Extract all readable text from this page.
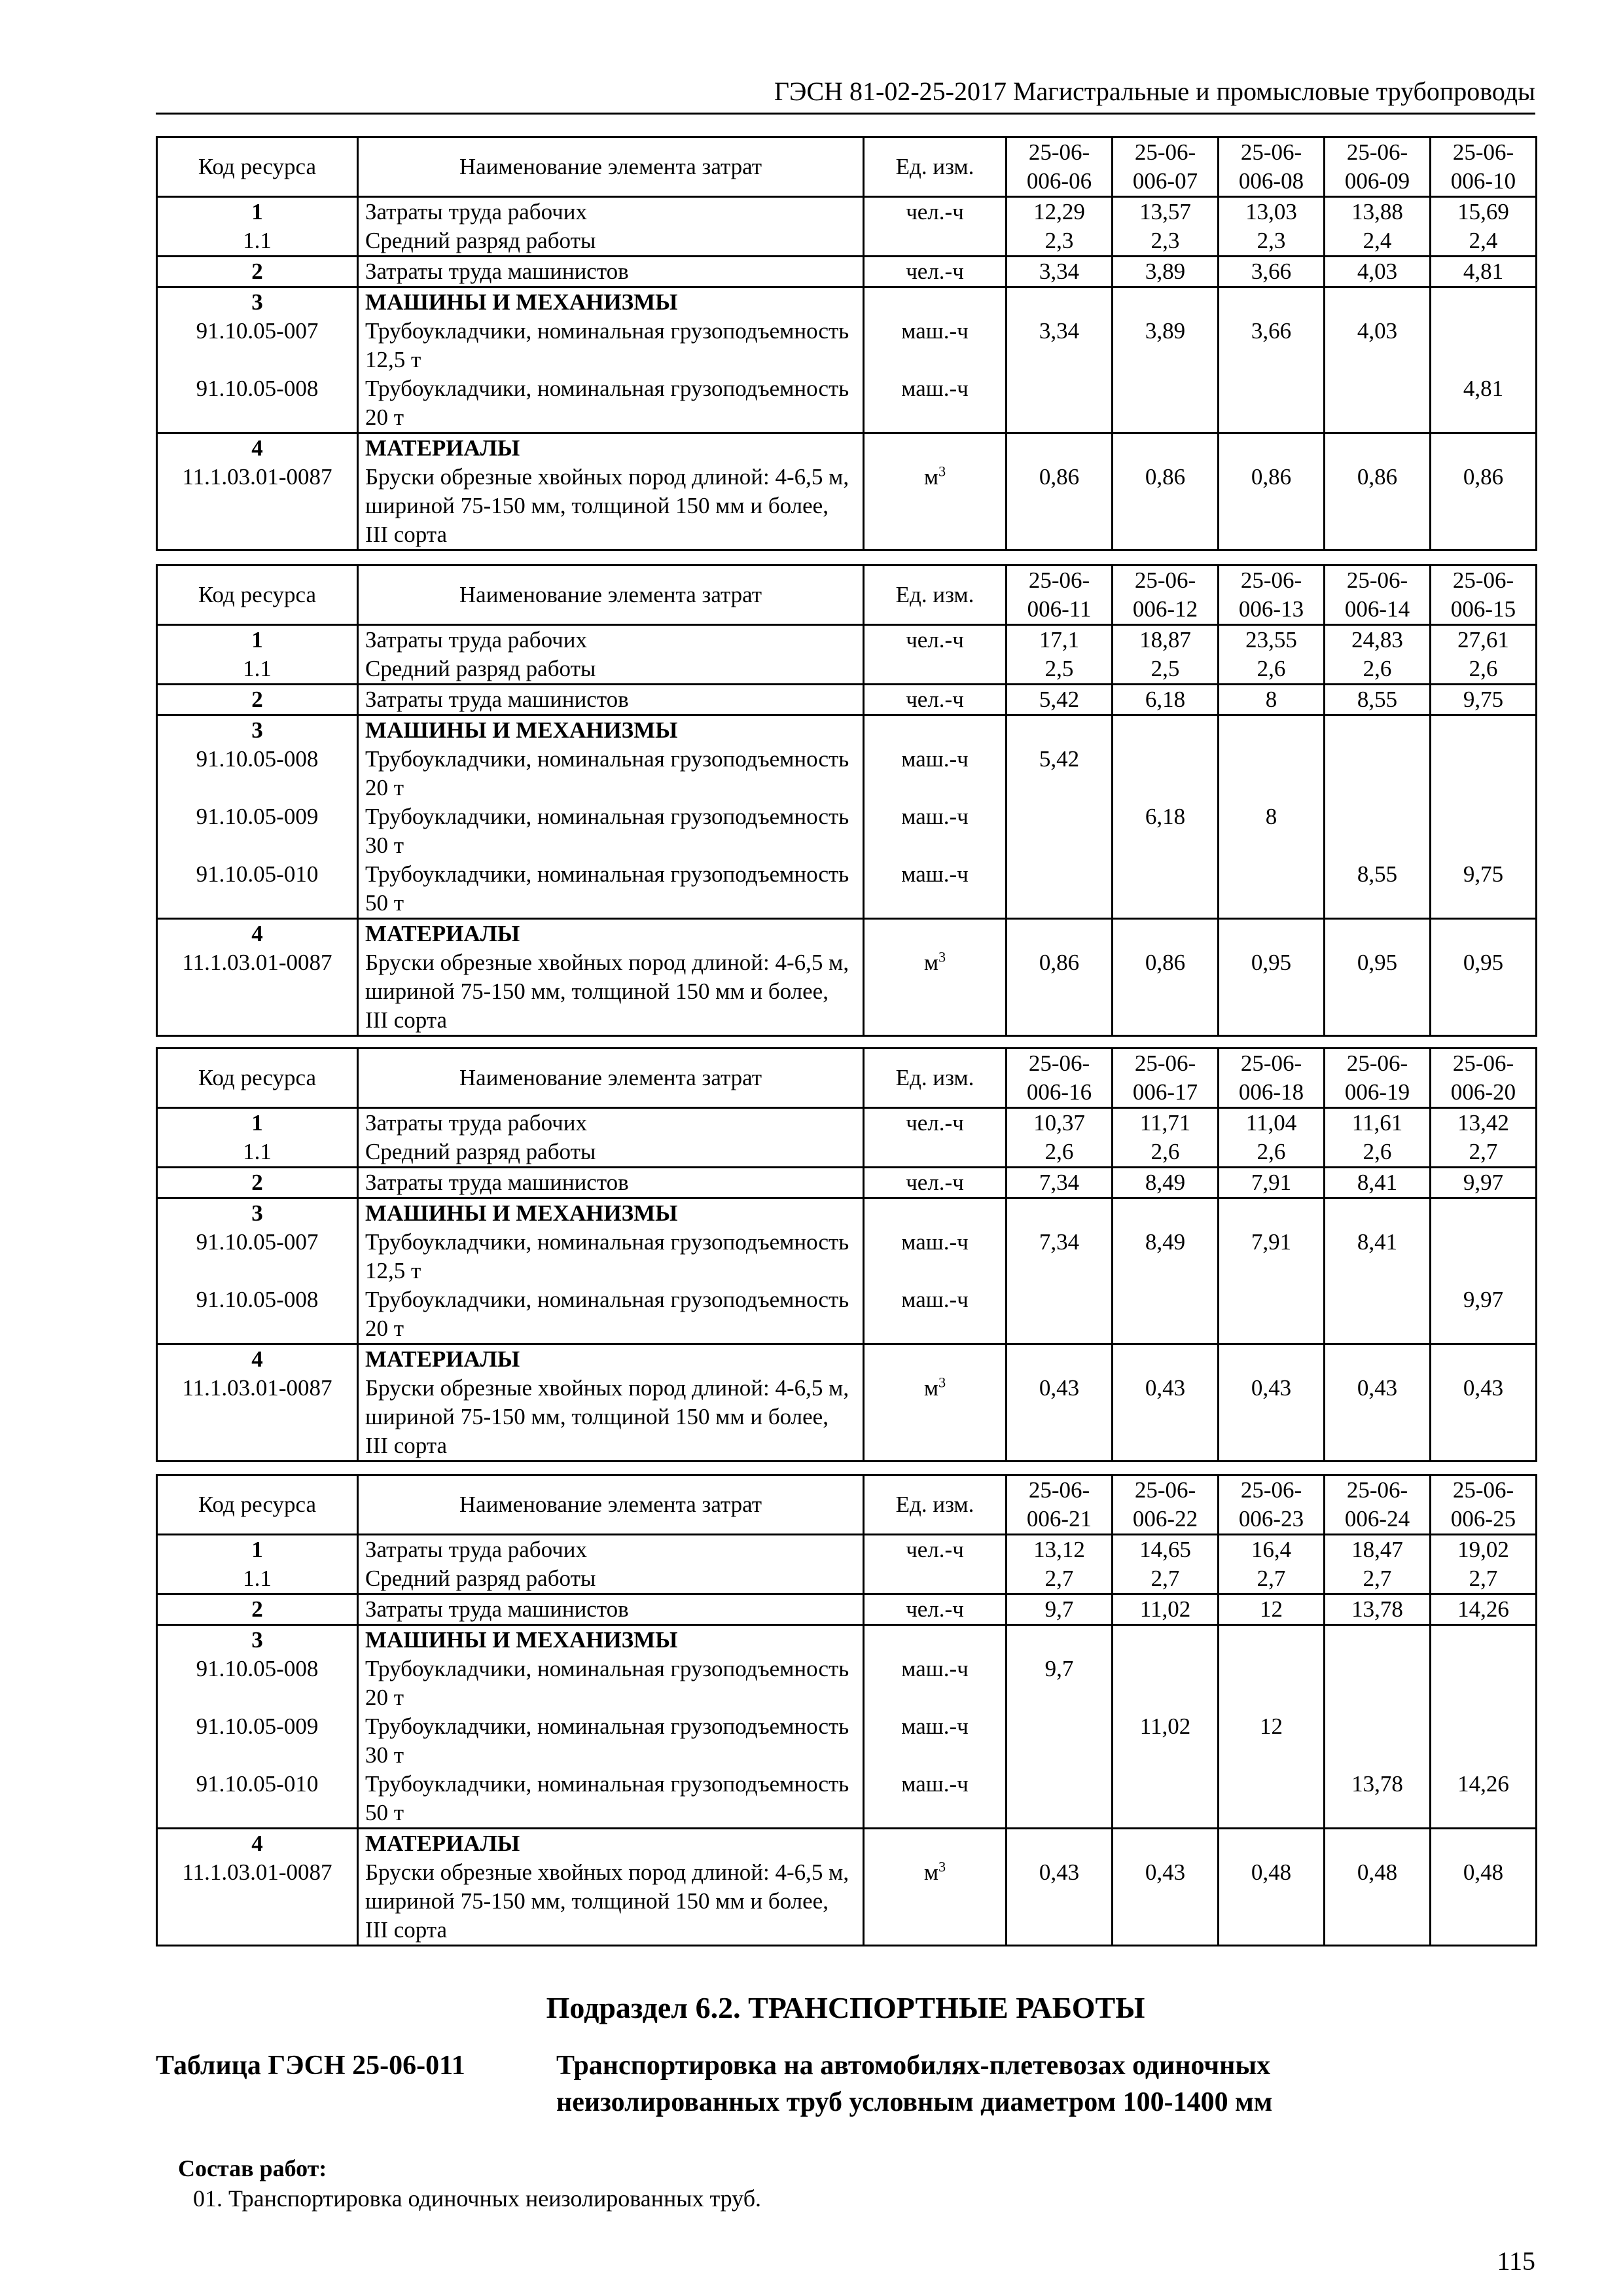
ГЭСН 81-02-25-2017 Магистральные и промысловые трубопроводы
Код ресурса	Наименование элемента затрат	Ед. изм.	25-06-006-06	25-06-006-07	25-06-006-08	25-06-006-09	25-06-006-10
1	Затраты труда рабочих	чел.-ч	12,29	13,57	13,03	13,88	15,69
1.1	Средний разряд работы		2,3	2,3	2,3	2,4	2,4
2	Затраты труда машинистов	чел.-ч	3,34	3,89	3,66	4,03	4,81
3	МАШИНЫ И МЕХАНИЗМЫ						
91.10.05-007	Трубоукладчики, номинальная грузоподъемность 12,5 т	маш.-ч	3,34	3,89	3,66	4,03	
91.10.05-008	Трубоукладчики, номинальная грузоподъемность 20 т	маш.-ч					4,81
4	МАТЕРИАЛЫ						
11.1.03.01-0087	Бруски обрезные хвойных пород длиной: 4-6,5 м, шириной 75-150 мм, толщиной 150 мм и более, III сорта	$м^3$	0,86	0,86	0,86	0,86	0,86
Код ресурса	Наименование элемента затрат	Ед. изм.	25-06-006-11	25-06-006-12	25-06-006-13	25-06-006-14	25-06-006-15
1	Затраты труда рабочих	чел.-ч	17,1	18,87	23,55	24,83	27,61
1.1	Средний разряд работы		2,5	2,5	2,6	2,6	2,6
2	Затраты труда машинистов	чел.-ч	5,42	6,18	8	8,55	9,75
3	МАШИНЫ И МЕХАНИЗМЫ						
91.10.05-008	Трубоукладчики, номинальная грузоподъемность 20 т	маш.-ч	5,42				
91.10.05-009	Трубоукладчики, номинальная грузоподъемность 30 т	маш.-ч		6,18	8		
91.10.05-010	Трубоукладчики, номинальная грузоподъемность 50 т	маш.-ч				8,55	9,75
4	МАТЕРИАЛЫ						
11.1.03.01-0087	Бруски обрезные хвойных пород длиной: 4-6,5 м, шириной 75-150 мм, толщиной 150 мм и более, III сорта	$м^3$	0,86	0,86	0,95	0,95	0,95
Код ресурса	Наименование элемента затрат	Ед. изм.	25-06-006-16	25-06-006-17	25-06-006-18	25-06-006-19	25-06-006-20
1	Затраты труда рабочих	чел.-ч	10,37	11,71	11,04	11,61	13,42
1.1	Средний разряд работы		2,6	2,6	2,6	2,6	2,7
2	Затраты труда машинистов	чел.-ч	7,34	8,49	7,91	8,41	9,97
3	МАШИНЫ И МЕХАНИЗМЫ						
91.10.05-007	Трубоукладчики, номинальная грузоподъемность 12,5 т	маш.-ч	7,34	8,49	7,91	8,41	
91.10.05-008	Трубоукладчики, номинальная грузоподъемность 20 т	маш.-ч					9,97
4	МАТЕРИАЛЫ						
11.1.03.01-0087	Бруски обрезные хвойных пород длиной: 4-6,5 м, шириной 75-150 мм, толщиной 150 мм и более, III сорта	$м^3$	0,43	0,43	0,43	0,43	0,43
Код ресурса	Наименование элемента затрат	Ед. изм.	25-06-006-21	25-06-006-22	25-06-006-23	25-06-006-24	25-06-006-25
1	Затраты труда рабочих	чел.-ч	13,12	14,65	16,4	18,47	19,02
1.1	Средний разряд работы		2,7	2,7	2,7	2,7	2,7
2	Затраты труда машинистов	чел.-ч	9,7	11,02	12	13,78	14,26
3	МАШИНЫ И МЕХАНИЗМЫ						
91.10.05-008	Трубоукладчики, номинальная грузоподъемность 20 т	маш.-ч	9,7				
91.10.05-009	Трубоукладчики, номинальная грузоподъемность 30 т	маш.-ч		11,02	12		
91.10.05-010	Трубоукладчики, номинальная грузоподъемность 50 т	маш.-ч				13,78	14,26
4	МАТЕРИАЛЫ						
11.1.03.01-0087	Бруски обрезные хвойных пород длиной: 4-6,5 м, шириной 75-150 мм, толщиной 150 мм и более, III сорта	$м^3$	0,43	0,43	0,48	0,48	0,48
Подраздел 6.2. ТРАНСПОРТНЫЕ РАБОТЫ
Таблица ГЭСН 25-06-011	Транспортировка на автомобилях-плетевозах одиночных неизолированных труб условным диаметром 100-1400 мм
Состав работ:
01. Транспортировка одиночных неизолированных труб.
115
